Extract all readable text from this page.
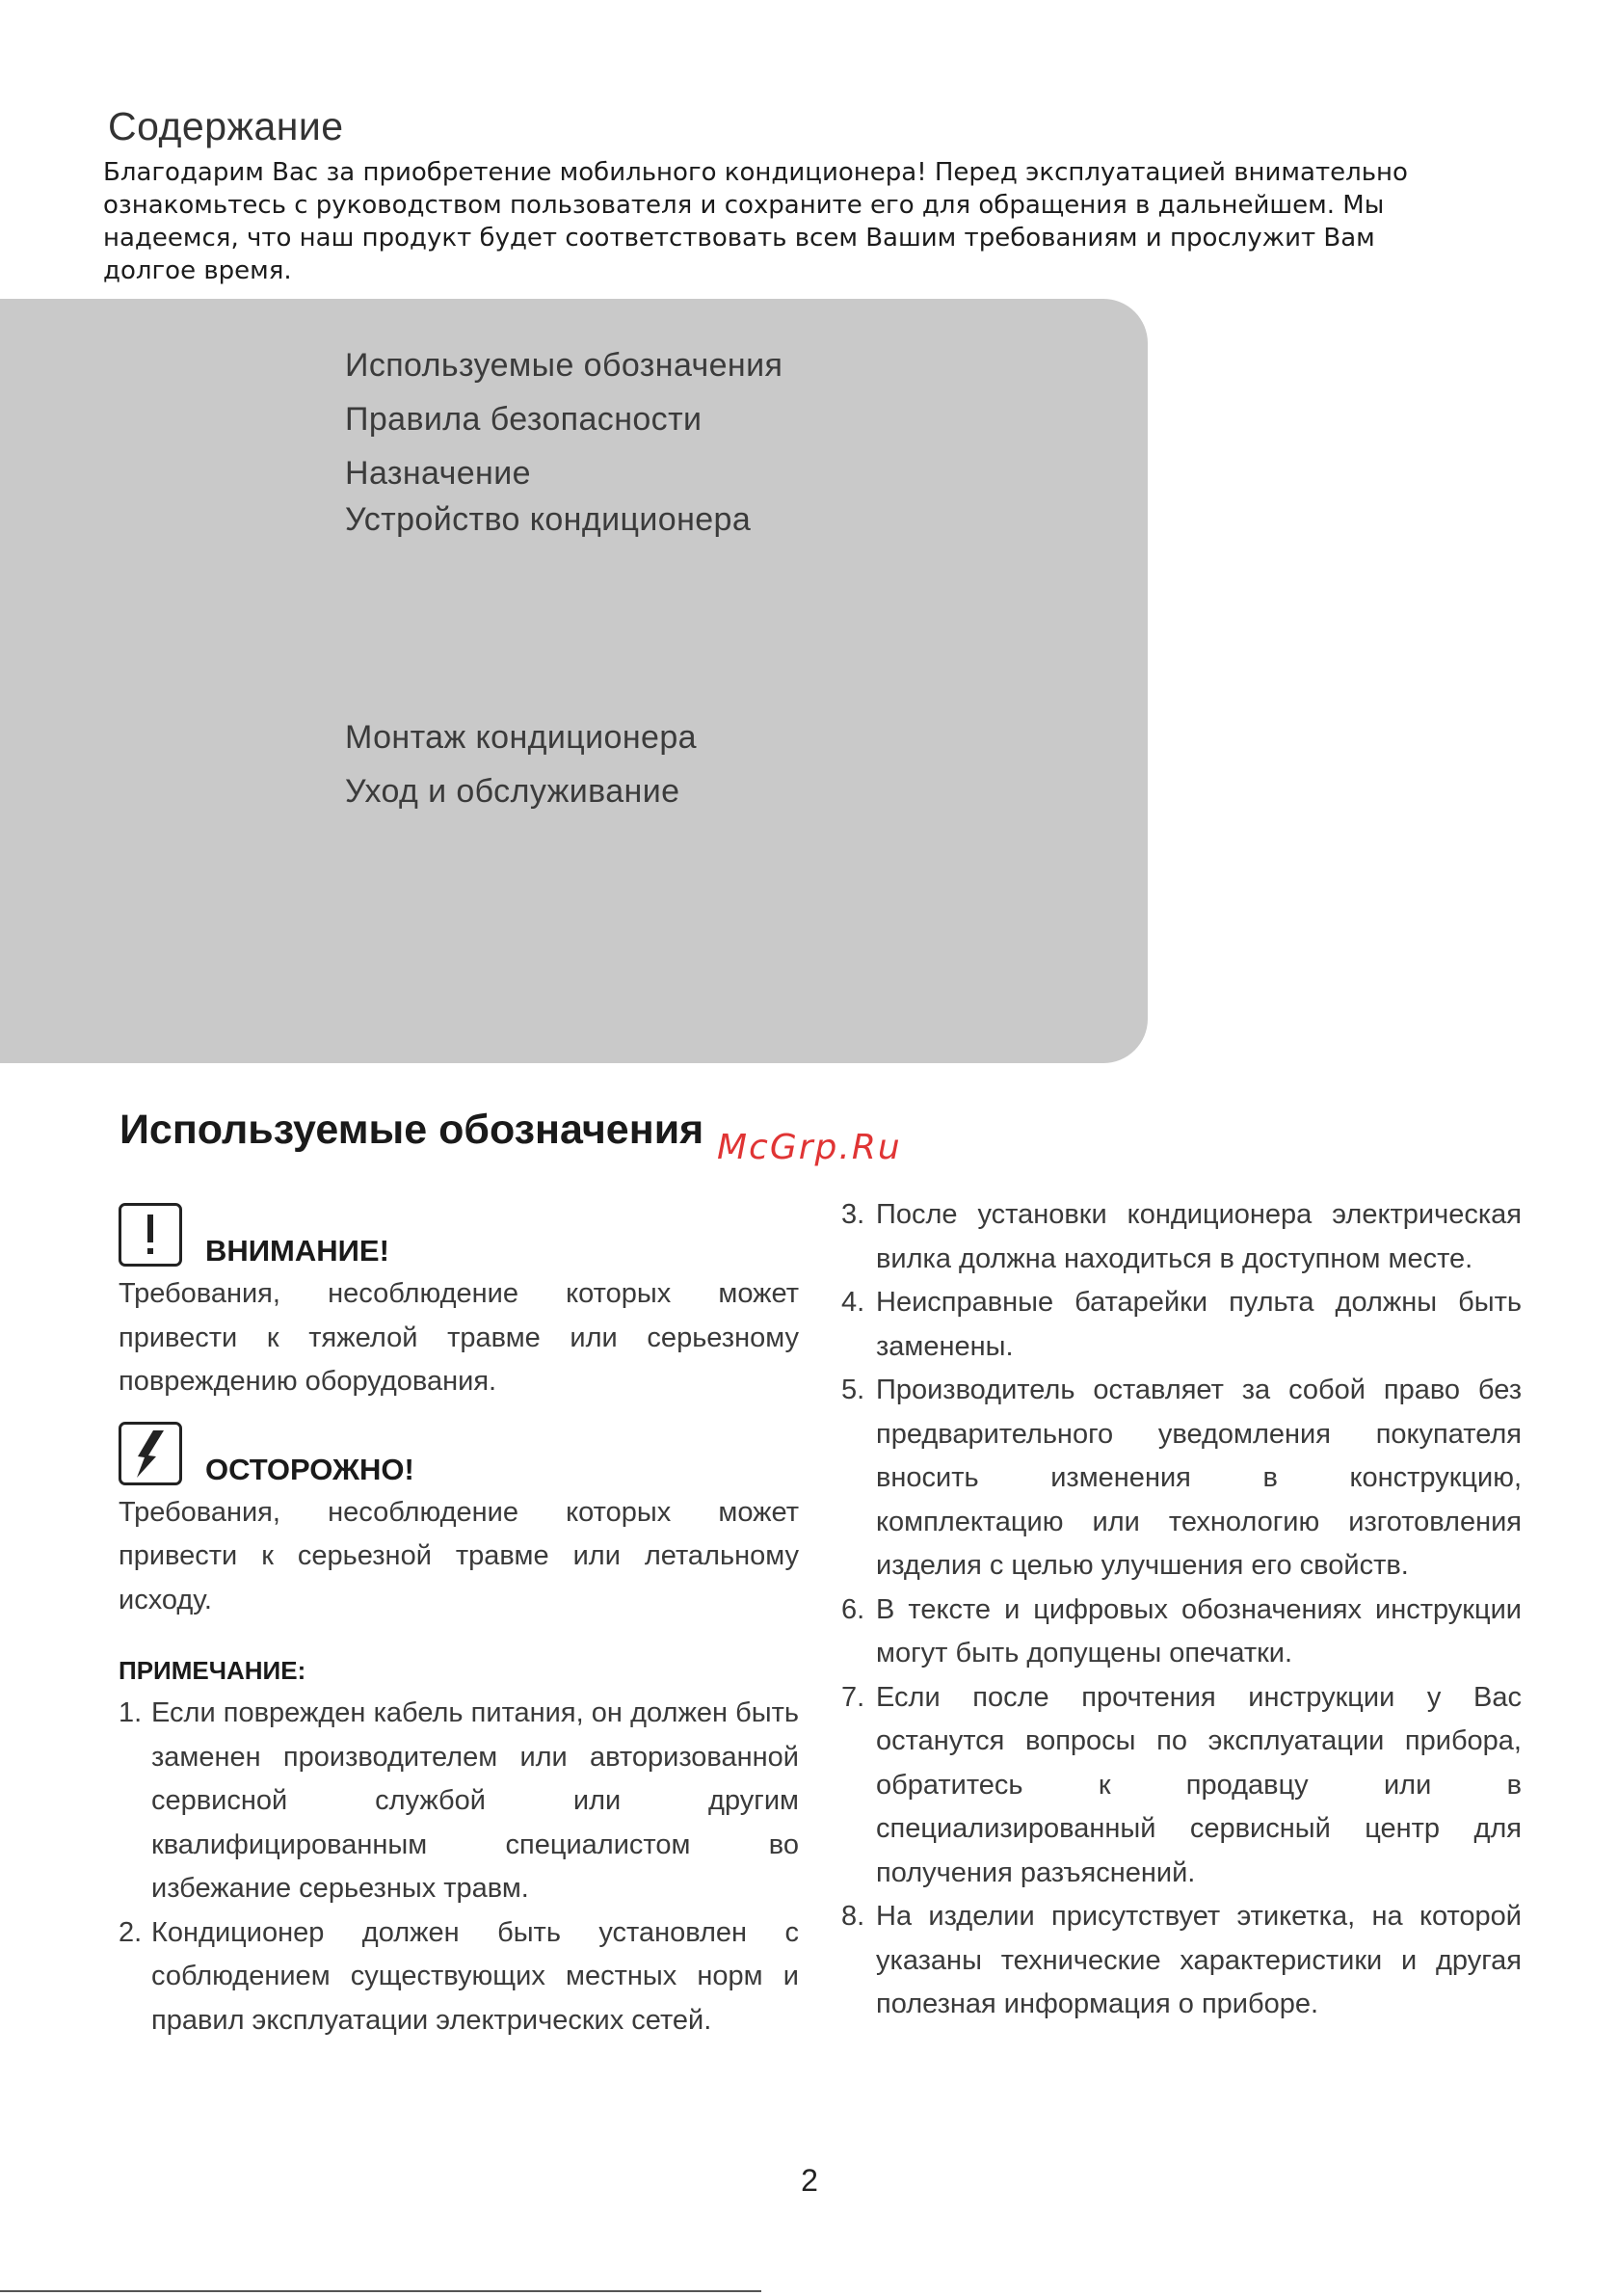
Содержание
Благодарим Вас за приобретение мобильного кондиционера! Перед эксплуатацией внимательно ознакомьтесь с руководством пользователя и сохраните его для обращения в дальнейшем. Мы надеемся, что наш продукт будет соответствовать всем Вашим требованиям и прослужит Вам долгое время.
Используемые обозначения
Правила безопасности
Назначение
Устройство кондиционера
Монтаж кондиционера
Уход и обслуживание
Используемые обозначения McGrp.Ru
ВНИМАНИЕ!
Требования, несоблюдение которых может привести к тяжелой травме или серьезному повреждению оборудования.
ОСТОРОЖНО!
Требования, несоблюдение которых может привести к серьезной травме или летальному исходу.
ПРИМЕЧАНИЕ:
1. Если поврежден кабель питания, он должен быть заменен производителем или авторизованной сервисной службой или другим квалифицированным специалистом во избежание серьезных травм.
2. Кондиционер должен быть установлен с соблюдением существующих местных норм и правил эксплуатации электрических сетей.
3. После установки кондиционера электрическая вилка должна находиться в доступном месте.
4. Неисправные батарейки пульта должны быть заменены.
5. Производитель оставляет за собой право без предварительного уведомления покупателя вносить изменения в конструкцию, комплектацию или технологию изготовления изделия с целью улучшения его свойств.
6. В тексте и цифровых обозначениях инструкции могут быть допущены опечатки.
7. Если после прочтения инструкции у Вас останутся вопросы по эксплуатации прибора, обратитесь к продавцу или в специализированный сервисный центр для получения разъяснений.
8. На изделии присутствует этикетка, на которой указаны технические характеристики и другая полезная информация о приборе.
2
